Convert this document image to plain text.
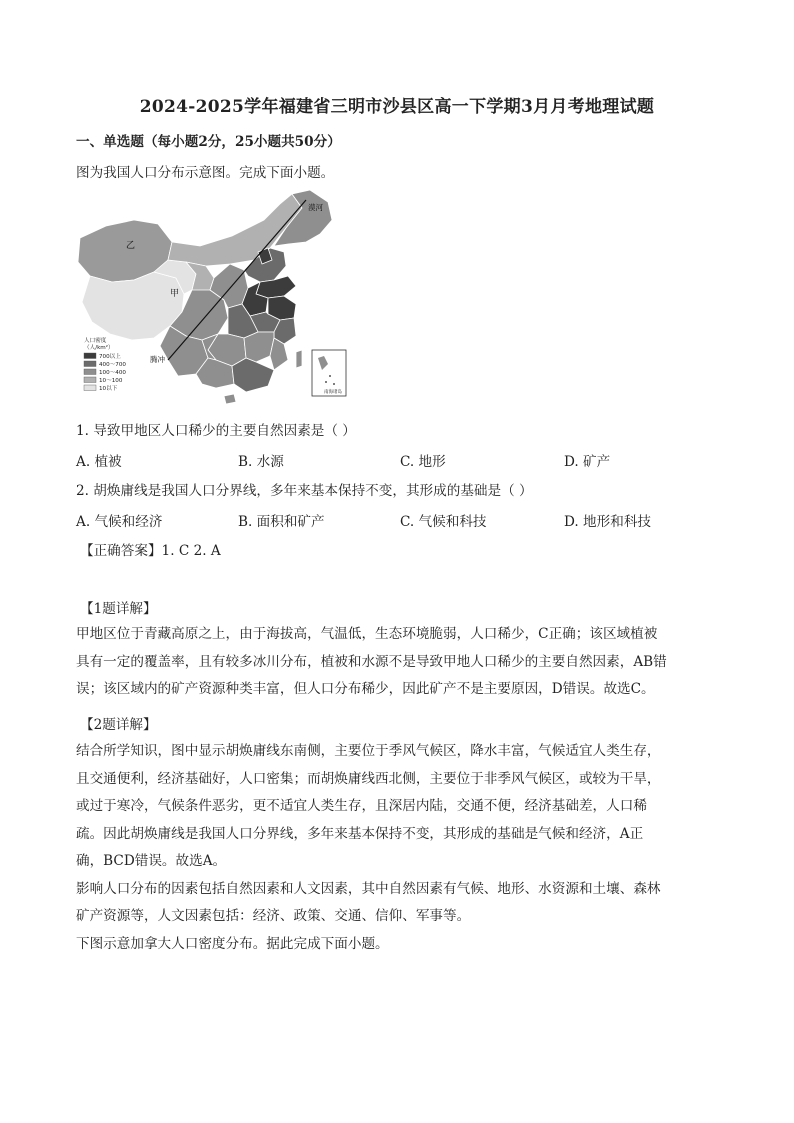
2024-2025学年福建省三明市沙县区高一下学期3月月考地理试题
一、单选题（每小题2分，25小题共50分）
图为我国人口分布示意图。完成下面小题。
漠河
乙
甲
腾冲
人口密度
（人/km²）
700以上
400～700
100～400
10～100
10以下
南海诸岛
1. 导致甲地区人口稀少的主要自然因素是（ ）
A. 植被	B. 水源	C. 地形	D. 矿产
2. 胡焕庸线是我国人口分界线，多年来基本保持不变，其形成的基础是（ ）
A. 气候和经济	B. 面积和矿产	C. 气候和科技	D. 地形和科技
【正确答案】1. C 2. A
【1题详解】
甲地区位于青藏高原之上，由于海拔高，气温低，生态环境脆弱，人口稀少，C正确；该区域植被
具有一定的覆盖率，且有较多冰川分布，植被和水源不是导致甲地人口稀少的主要自然因素，AB错
误；该区域内的矿产资源种类丰富，但人口分布稀少，因此矿产不是主要原因，D错误。故选C。
【2题详解】
结合所学知识，图中显示胡焕庸线东南侧，主要位于季风气候区，降水丰富，气候适宜人类生存，
且交通便利，经济基础好，人口密集；而胡焕庸线西北侧，主要位于非季风气候区，或较为干旱，
或过于寒冷，气候条件恶劣，更不适宜人类生存，且深居内陆，交通不便，经济基础差，人口稀
疏。因此胡焕庸线是我国人口分界线，多年来基本保持不变，其形成的基础是气候和经济，A正
确，BCD错误。故选A。
影响人口分布的因素包括自然因素和人文因素，其中自然因素有气候、地形、水资源和土壤、森林
矿产资源等，人文因素包括：经济、政策、交通、信仰、军事等。
下图示意加拿大人口密度分布。据此完成下面小题。
